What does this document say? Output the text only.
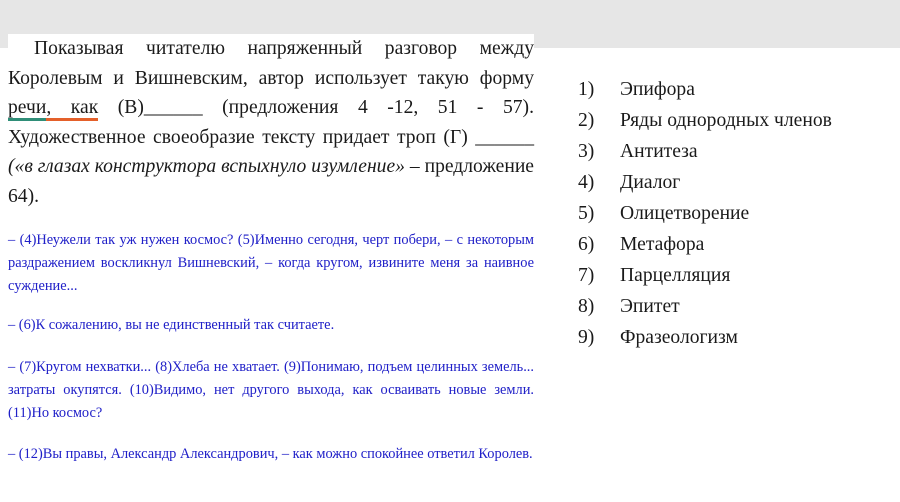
Показывая читателю напряженный разговор между Королевым и Вишневским, автор использует такую форму речи, как (В)______ (предложения 4 -12, 51 - 57). Художественное своеобразие тексту придает троп (Г) ______ («в глазах конструктора вспыхнуло изумление» – предложение 64).

– (4)Неужели так уж нужен космос? (5)Именно сегодня, черт побери, – с некоторым раздражением воскликнул Вишневский, – когда кругом, извините меня за наивное суждение...

– (6)К сожалению, вы не единственный так считаете.

– (7)Кругом нехватки... (8)Хлеба не хватает. (9)Понимаю, подъем целинных земель... затраты окупятся. (10)Видимо, нет другого выхода, как осваивать новые земли. (11)Но космос?

– (12)Вы правы, Александр Александрович, – как можно спокойнее ответил Королев.

1) Эпифора
2) Ряды однородных членов
3) Антитеза
4) Диалог
5) Олицетворение
6) Метафора
7) Парцелляция
8) Эпитет
9) Фразеологизм
